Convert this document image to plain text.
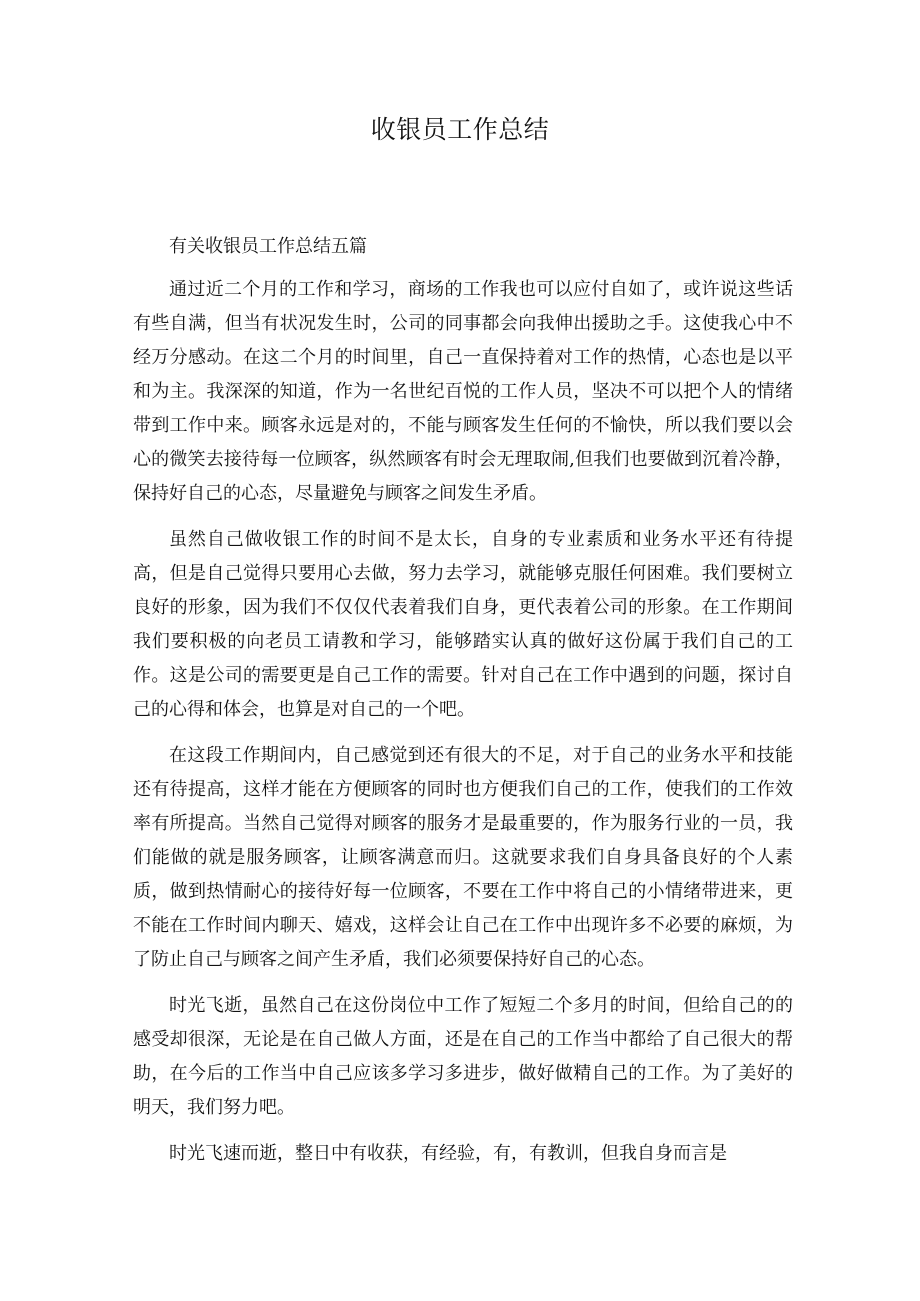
收银员工作总结

有关收银员工作总结五篇

通过近二个月的工作和学习，商场的工作我也可以应付自如了，或许说这些话有些自满，但当有状况发生时，公司的同事都会向我伸出援助之手。这使我心中不经万分感动。在这二个月的时间里，自己一直保持着对工作的热情，心态也是以平和为主。我深深的知道，作为一名世纪百悦的工作人员，坚决不可以把个人的情绪带到工作中来。顾客永远是对的，不能与顾客发生任何的不愉快，所以我们要以会心的微笑去接待每一位顾客，纵然顾客有时会无理取闹,但我们也要做到沉着冷静，保持好自己的心态，尽量避免与顾客之间发生矛盾。

虽然自己做收银工作的时间不是太长，自身的专业素质和业务水平还有待提高，但是自己觉得只要用心去做，努力去学习，就能够克服任何困难。我们要树立良好的形象，因为我们不仅仅代表着我们自身，更代表着公司的形象。在工作期间我们要积极的向老员工请教和学习，能够踏实认真的做好这份属于我们自己的工作。这是公司的需要更是自己工作的需要。针对自己在工作中遇到的问题，探讨自己的心得和体会，也算是对自己的一个吧。

在这段工作期间内，自己感觉到还有很大的不足，对于自己的业务水平和技能还有待提高，这样才能在方便顾客的同时也方便我们自己的工作，使我们的工作效率有所提高。当然自己觉得对顾客的服务才是最重要的，作为服务行业的一员，我们能做的就是服务顾客，让顾客满意而归。这就要求我们自身具备良好的个人素质，做到热情耐心的接待好每一位顾客，不要在工作中将自己的小情绪带进来，更不能在工作时间内聊天、嬉戏，这样会让自己在工作中出现许多不必要的麻烦，为了防止自己与顾客之间产生矛盾，我们必须要保持好自己的心态。

时光飞逝，虽然自己在这份岗位中工作了短短二个多月的时间，但给自己的的感受却很深，无论是在自己做人方面，还是在自己的工作当中都给了自己很大的帮助，在今后的工作当中自己应该多学习多进步，做好做精自己的工作。为了美好的明天，我们努力吧。

时光飞速而逝，整日中有收获，有经验，有，有教训，但我自身而言是
